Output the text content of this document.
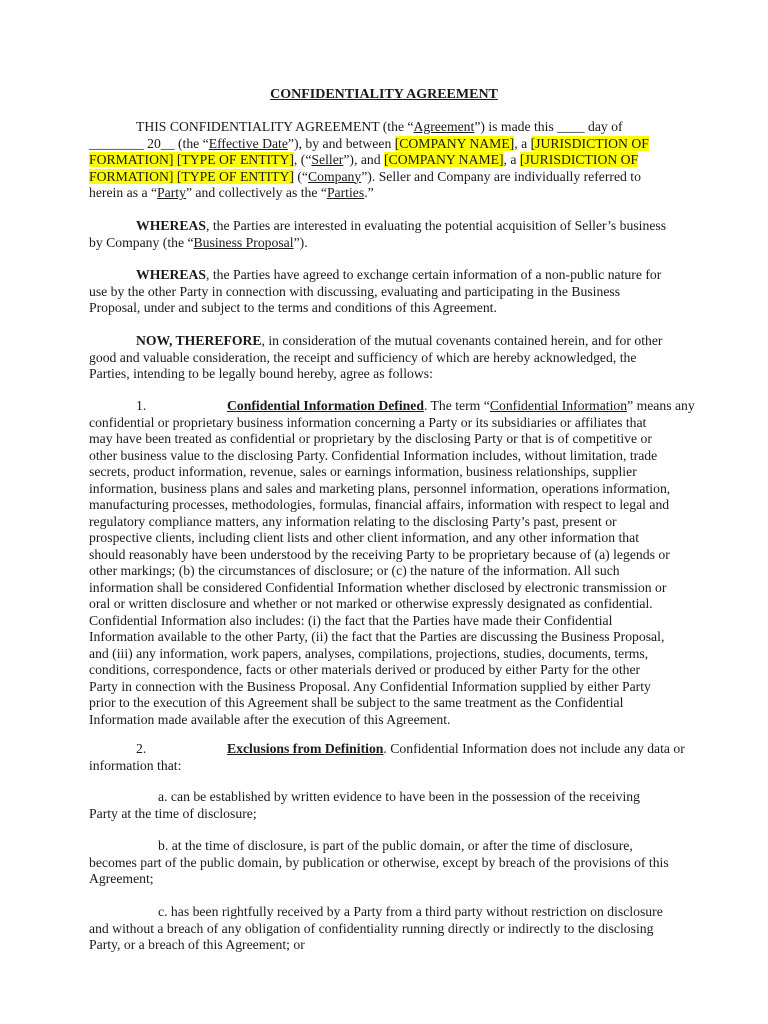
CONFIDENTIALITY AGREEMENT
THIS CONFIDENTIALITY AGREEMENT (the “Agreement”) is made this ____ day of
________ 20__ (the “Effective Date”), by and between [COMPANY NAME], a [JURISDICTION OF
FORMATION] [TYPE OF ENTITY], (“Seller”), and [COMPANY NAME], a [JURISDICTION OF
FORMATION] [TYPE OF ENTITY] (“Company”). Seller and Company are individually referred to
herein as a “Party” and collectively as the “Parties.”
WHEREAS, the Parties are interested in evaluating the potential acquisition of Seller’s business
by Company (the “Business Proposal”).
WHEREAS, the Parties have agreed to exchange certain information of a non-public nature for
use by the other Party in connection with discussing, evaluating and participating in the Business
Proposal, under and subject to the terms and conditions of this Agreement.
NOW, THEREFORE, in consideration of the mutual covenants contained herein, and for other
good and valuable consideration, the receipt and sufficiency of which are hereby acknowledged, the
Parties, intending to be legally bound hereby, agree as follows:
1.	Confidential Information Defined. The term “Confidential Information” means any
confidential or proprietary business information concerning a Party or its subsidiaries or affiliates that
may have been treated as confidential or proprietary by the disclosing Party or that is of competitive or
other business value to the disclosing Party. Confidential Information includes, without limitation, trade
secrets, product information, revenue, sales or earnings information, business relationships, supplier
information, business plans and sales and marketing plans, personnel information, operations information,
manufacturing processes, methodologies, formulas, financial affairs, information with respect to legal and
regulatory compliance matters, any information relating to the disclosing Party’s past, present or
prospective clients, including client lists and other client information, and any other information that
should reasonably have been understood by the receiving Party to be proprietary because of (a) legends or
other markings; (b) the circumstances of disclosure; or (c) the nature of the information. All such
information shall be considered Confidential Information whether disclosed by electronic transmission or
oral or written disclosure and whether or not marked or otherwise expressly designated as confidential.
Confidential Information also includes: (i) the fact that the Parties have made their Confidential
Information available to the other Party, (ii) the fact that the Parties are discussing the Business Proposal,
and (iii) any information, work papers, analyses, compilations, projections, studies, documents, terms,
conditions, correspondence, facts or other materials derived or produced by either Party for the other
Party in connection with the Business Proposal. Any Confidential Information supplied by either Party
prior to the execution of this Agreement shall be subject to the same treatment as the Confidential
Information made available after the execution of this Agreement.
2.	Exclusions from Definition. Confidential Information does not include any data or
information that:
a. can be established by written evidence to have been in the possession of the receiving
Party at the time of disclosure;
b. at the time of disclosure, is part of the public domain, or after the time of disclosure,
becomes part of the public domain, by publication or otherwise, except by breach of the provisions of this
Agreement;
c. has been rightfully received by a Party from a third party without restriction on disclosure
and without a breach of any obligation of confidentiality running directly or indirectly to the disclosing
Party, or a breach of this Agreement; or
